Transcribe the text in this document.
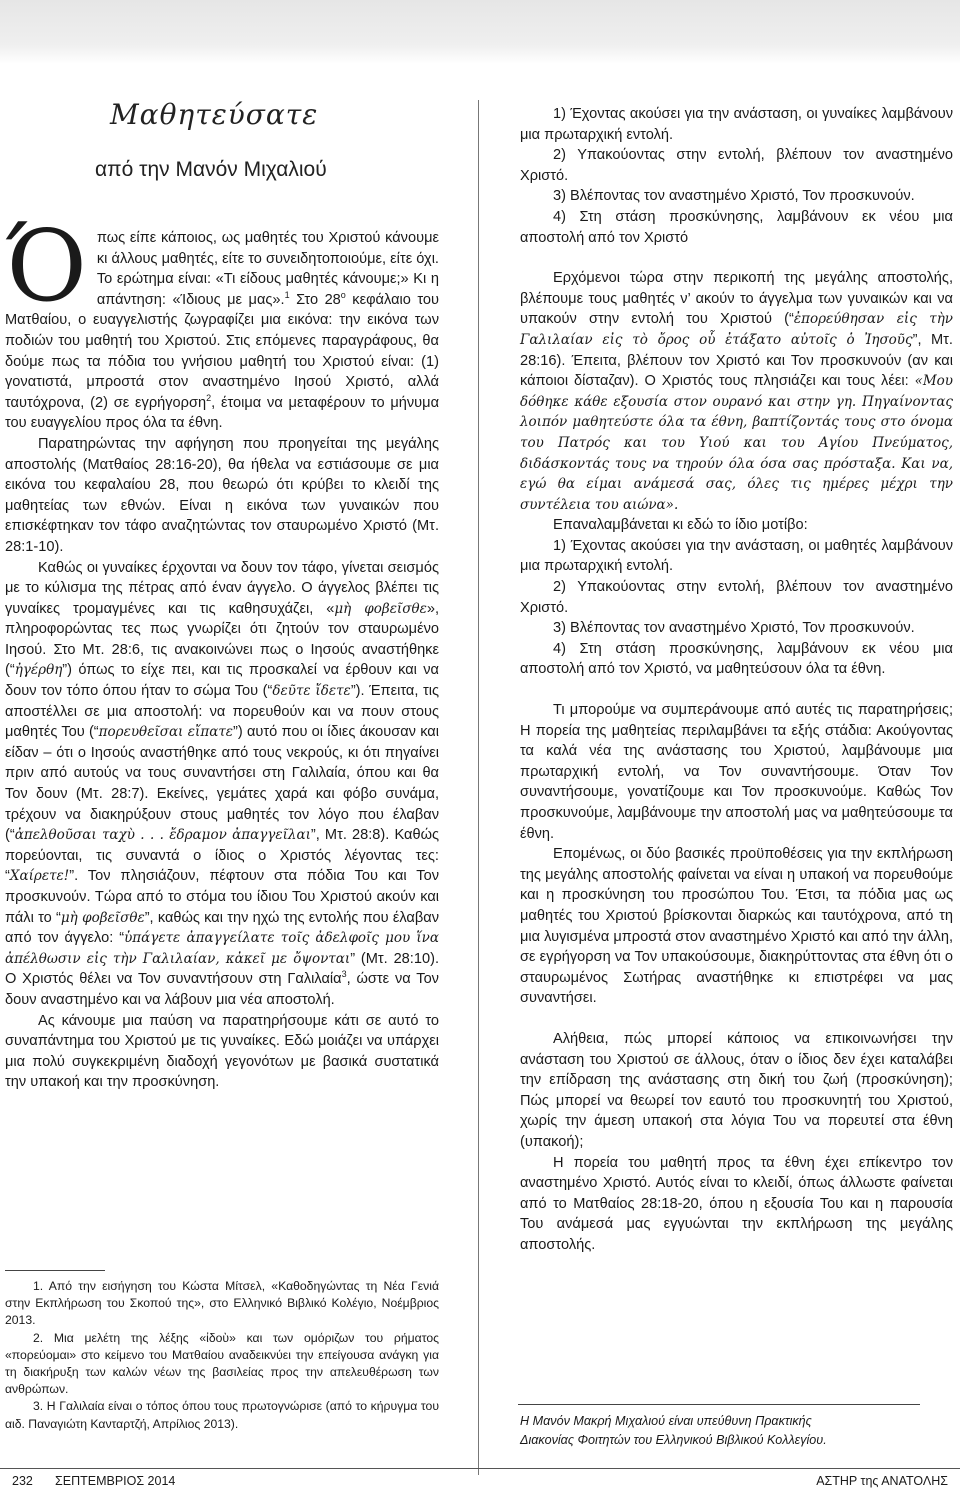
Μαθητεύσατε
από την Μανόν Μιχαλιού

Όπως είπε κάποιος, ως μαθητές του Χριστού κάνουμε κι άλλους μαθητές, είτε το συνειδητοποιούμε, είτε όχι. Το ερώτημα είναι: «Τι είδους μαθητές κάνουμε;» Κι η απάντηση: «Ίδιους με μας».$^1$ Στο $28^o$ κεφάλαιο του Ματθαίου, ο ευαγγελιστής ζωγραφίζει μια εικόνα: την εικόνα των ποδιών του μαθητή του Χριστού. Στις επόμενες παραγράφους, θα δούμε πως τα πόδια του γνήσιου μαθητή του Χριστού είναι: (1) γονατιστά, μπροστά στον αναστημένο Ιησού Χριστό, αλλά ταυτόχρονα, (2) σε εγρήγορση$^2$, έτοιμα να μεταφέρουν το μήνυμα του ευαγγελίου προς όλα τα έθνη.

Παρατηρώντας την αφήγηση που προηγείται της μεγάλης αποστολής (Ματθαίος 28:16-20), θα ήθελα να εστιάσουμε σε μια εικόνα του κεφαλαίου 28, που θεωρώ ότι κρύβει το κλειδί της μαθητείας των εθνών. Είναι η εικόνα των γυναικών που επισκέφτηκαν τον τάφο αναζητώντας τον σταυρωμένο Χριστό (Μτ. 28:1-10).

Καθώς οι γυναίκες έρχονται να δουν τον τάφο, γίνεται σεισμός με το κύλισμα της πέτρας από έναν άγγελο. Ο άγγελος βλέπει τις γυναίκες τρομαγμένες και τις καθησυχάζει, «μὴ φοβεῖσθε», πληροφορώντας τες πως γνωρίζει ότι ζητούν τον σταυρωμένο Ιησού. Στο Μτ. 28:6, τις ανακοινώνει πως ο Ιησούς αναστήθηκε (“ἠγέρθη”) όπως το είχε πει, και τις προσκαλεί να έρθουν και να δουν τον τόπο όπου ήταν το σώμα Του (“δεῦτε ἴδετε”). Έπειτα, τις αποστέλλει σε μια αποστολή: να πορευθούν και να πουν στους μαθητές Του (“πορευθεῖσαι εἴπατε”) αυτό που οι ίδιες άκουσαν και είδαν – ότι ο Ιησούς αναστήθηκε από τους νεκρούς, κι ότι πηγαίνει πριν από αυτούς να τους συναντήσει στη Γαλιλαία, όπου και θα Τον δουν (Μτ. 28:7). Εκείνες, γεμάτες χαρά και φόβο συνάμα, τρέχουν να διακηρύξουν στους μαθητές τον λόγο που έλαβαν (“ἀπελθοῦσαι ταχὺ . . . ἔδραμον ἀπαγγεῖλαι”, Μτ. 28:8). Καθώς πορεύονται, τις συναντά ο ίδιος ο Χριστός λέγοντας τες: “Χαίρετε!”. Τον πλησιάζουν, πέφτουν στα πόδια Του και Τον προσκυνούν. Τώρα από το στόμα του ίδιου Του Χριστού ακούν και πάλι το “μὴ φοβεῖσθε”, καθώς και την ηχώ της εντολής που έλαβαν από τον άγγελο: “ὑπάγετε ἀπαγγείλατε τοῖς ἀδελφοῖς μου ἵνα ἀπέλθωσιν εἰς τὴν Γαλιλαίαν, κἀκεῖ με ὄψονται” (Μτ. 28:10). Ο Χριστός θέλει να Τον συναντήσουν στη Γαλιλαία$^3$, ώστε να Τον δουν αναστημένο και να λάβουν μια νέα αποστολή.

Ας κάνουμε μια παύση να παρατηρήσουμε κάτι σε αυτό το συναπάντημα του Χριστού με τις γυναίκες. Εδώ μοιάζει να υπάρχει μια πολύ συγκεκριμένη διαδοχή γεγονότων με βασικά συστατικά την υπακοή και την προσκύνηση.

1. Από την εισήγηση του Κώστα Μίτσελ, «Καθοδηγώντας τη Νέα Γενιά στην Εκπλήρωση του Σκοπού της», στο Ελληνικό Βιβλικό Κολέγιο, Νοέμβριος 2013.

2. Μια μελέτη της λέξης «ἰδοὺ» και των ομόριζων του ρήματος «πορεύομαι» στο κείμενο του Ματθαίου αναδεικνύει την επείγουσα ανάγκη για τη διακήρυξη των καλών νέων της βασιλείας προς την απελευθέρωση των ανθρώπων.

3. Η Γαλιλαία είναι ο τόπος όπου τους πρωτογνώρισε (από το κήρυγμα του αιδ. Παναγιώτη Κανταρτζή, Απρίλιος 2013).

1) Έχοντας ακούσει για την ανάσταση, οι γυναίκες λαμβάνουν μια πρωταρχική εντολή.

2) Υπακούοντας στην εντολή, βλέπουν τον αναστημένο Χριστό.

3) Βλέποντας τον αναστημένο Χριστό, Τον προσκυνούν.

4) Στη στάση προσκύνησης, λαμβάνουν εκ νέου μια αποστολή από τον Χριστό

Ερχόμενοι τώρα στην περικοπή της μεγάλης αποστολής, βλέπουμε τους μαθητές ν’ ακούν το άγγελμα των γυναικών και να υπακούν στην εντολή του Χριστού (“ἐπορεύθησαν εἰς τὴν Γαλιλαίαν εἰς τὸ ὄρος οὗ ἐτάξατο αὐτοῖς ὁ Ἰησοῦς”, Μτ. 28:16). Έπειτα, βλέπουν τον Χριστό και Τον προσκυνούν (αν και κάποιοι δίσταζαν). Ο Χριστός τους πλησιάζει και τους λέει: «Μου δόθηκε κάθε εξουσία στον ουρανό και στην γη. Πηγαίνοντας λοιπόν μαθητεύστε όλα τα έθνη, βαπτίζοντάς τους στο όνομα του Πατρός και του Υιού και του Αγίου Πνεύματος, διδάσκοντάς τους να τηρούν όλα όσα σας πρόσταξα. Και να, εγώ θα είμαι ανάμεσά σας, όλες τις ημέρες μέχρι την συντέλεια του αιώνα».

Επαναλαμβάνεται κι εδώ το ίδιο μοτίβο:

1) Έχοντας ακούσει για την ανάσταση, οι μαθητές λαμβάνουν μια πρωταρχική εντολή.

2) Υπακούοντας στην εντολή, βλέπουν τον αναστημένο Χριστό.

3) Βλέποντας τον αναστημένο Χριστό, Τον προσκυνούν.

4) Στη στάση προσκύνησης, λαμβάνουν εκ νέου μια αποστολή από τον Χριστό, να μαθητεύσουν όλα τα έθνη.

Τι μπορούμε να συμπεράνουμε από αυτές τις παρατηρήσεις; Η πορεία της μαθητείας περιλαμβάνει τα εξής στάδια: Ακούγοντας τα καλά νέα της ανάστασης του Χριστού, λαμβάνουμε μια πρωταρχική εντολή, να Τον συναντήσουμε. Όταν Τον συναντήσουμε, γονατίζουμε και Τον προσκυνούμε. Καθώς Τον προσκυνούμε, λαμβάνουμε την αποστολή μας να μαθητεύσουμε τα έθνη.

Επομένως, οι δύο βασικές προϋποθέσεις για την εκπλήρωση της μεγάλης αποστολής φαίνεται να είναι η υπακοή να πορευθούμε και η προσκύνηση του προσώπου Του. Έτσι, τα πόδια μας ως μαθητές του Χριστού βρίσκονται διαρκώς και ταυτόχρονα, από τη μια λυγισμένα μπροστά στον αναστημένο Χριστό και από την άλλη, σε εγρήγορση να Τον υπακούσουμε, διακηρύττοντας στα έθνη ότι ο σταυρωμένος Σωτήρας αναστήθηκε κι επιστρέφει να μας συναντήσει.

Αλήθεια, πώς μπορεί κάποιος να επικοινωνήσει την ανάσταση του Χριστού σε άλλους, όταν ο ίδιος δεν έχει καταλάβει την επίδραση της ανάστασης στη δική του ζωή (προσκύνηση); Πώς μπορεί να θεωρεί τον εαυτό του προσκυνητή του Χριστού, χωρίς την άμεση υπακοή στα λόγια Του να πορευτεί στα έθνη (υπακοή);

Η πορεία του μαθητή προς τα έθνη έχει επίκεντρο τον αναστημένο Χριστό. Αυτός είναι το κλειδί, όπως άλλωστε φαίνεται από το Ματθαίος 28:18-20, όπου η εξουσία Του και η παρουσία Του ανάμεσά μας εγγυώνται την εκπλήρωση της μεγάλης αποστολής.

Η Μανόν Μακρή Μιχαλιού είναι υπεύθυνη Πρακτικής
Διακονίας Φοιτητών του Ελληνικού Βιβλικού Κολλεγίου.
232 ΣΕΠΤΕΜΒΡΙΟΣ 2014	ΑΣΤΗΡ της ΑΝΑΤΟΛΗΣ
